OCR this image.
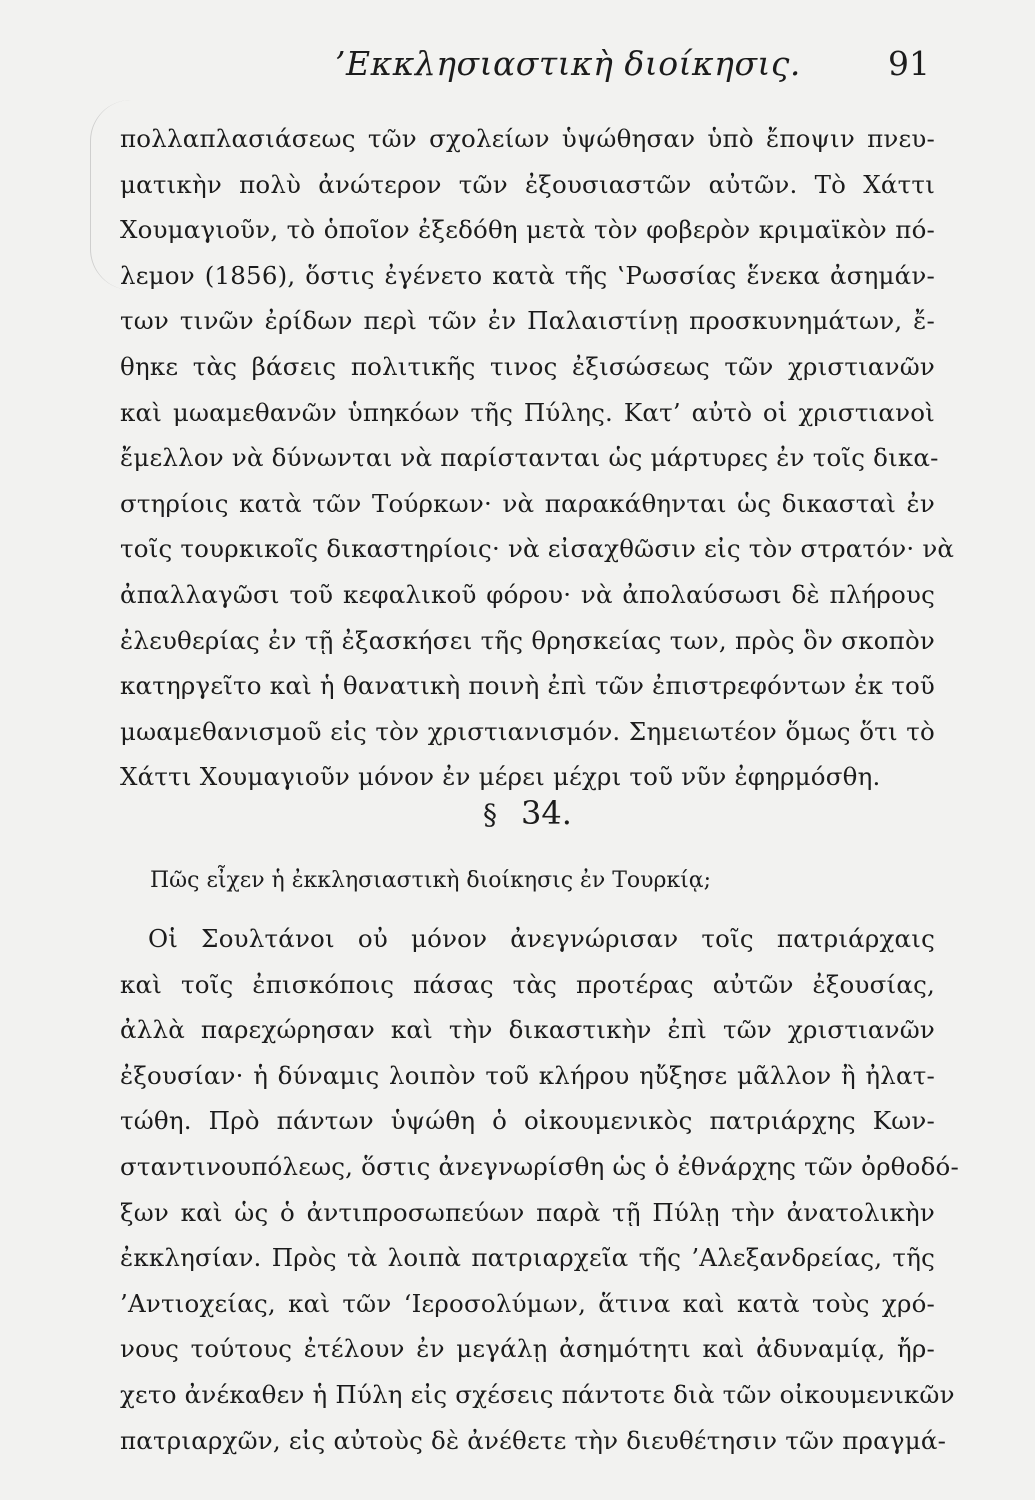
’Εκκλησιαστικὴ διοίκησις.	91
πολλαπλασιάσεως τῶν σχολείων ὑψώθησαν ὑπὸ ἔποψιν πνευ-
ματικὴν πολὺ ἀνώτερον τῶν ἐξουσιαστῶν αὐτῶν. Τὸ Χάττι
Χουμαγιοῦν, τὸ ὁποῖον ἐξεδόθη μετὰ τὸν φοβερὸν κριμαϊκὸν πό-
λεμον (1856), ὅστις ἐγένετο κατὰ τῆς ‛Ρωσσίας ἕνεκα ἀσημάν-
των τινῶν ἐρίδων περὶ τῶν ἐν Παλαιστίνῃ προσκυνημάτων, ἔ-
θηκε τὰς βάσεις πολιτικῆς τινος ἐξισώσεως τῶν χριστιανῶν
καὶ μωαμεθανῶν ὑπηκόων τῆς Πύλης. Κατ’ αὐτὸ οἱ χριστιανοὶ
ἔμελλον νὰ δύνωνται νὰ παρίστανται ὡς μάρτυρες ἐν τοῖς δικα-
στηρίοις κατὰ τῶν Τούρκων· νὰ παρακάθηνται ὡς δικασταὶ ἐν
τοῖς τουρκικοῖς δικαστηρίοις· νὰ εἰσαχθῶσιν εἰς τὸν στρατόν· νὰ
ἀπαλλαγῶσι τοῦ κεφαλικοῦ φόρου· νὰ ἀπολαύσωσι δὲ πλήρους
ἐλευθερίας ἐν τῇ ἐξασκήσει τῆς θρησκείας των, πρὸς ὃν σκοπὸν
κατηργεῖτο καὶ ἡ θανατικὴ ποινὴ ἐπὶ τῶν ἐπιστρεφόντων ἐκ τοῦ
μωαμεθανισμοῦ εἰς τὸν χριστιανισμόν. Σημειωτέον ὅμως ὅτι τὸ
Χάττι Χουμαγιοῦν μόνον ἐν μέρει μέχρι τοῦ νῦν ἐφηρμόσθη.
§ 34.
Πῶς εἶχεν ἡ ἐκκλησιαστικὴ διοίκησις ἐν Τουρκίᾳ;
Οἱ Σουλτάνοι οὐ μόνον ἀνεγνώρισαν τοῖς πατριάρχαις
καὶ τοῖς ἐπισκόποις πάσας τὰς προτέρας αὐτῶν ἐξουσίας,
ἀλλὰ παρεχώρησαν καὶ τὴν δικαστικὴν ἐπὶ τῶν χριστιανῶν
ἐξουσίαν· ἡ δύναμις λοιπὸν τοῦ κλήρου ηὔξησε μᾶλλον ἢ ἠλατ-
τώθη. Πρὸ πάντων ὑψώθη ὁ οἰκουμενικὸς πατριάρχης Κων-
σταντινουπόλεως, ὅστις ἀνεγνωρίσθη ὡς ὁ ἐθνάρχης τῶν ὀρθοδό-
ξων καὶ ὡς ὁ ἀντιπροσωπεύων παρὰ τῇ Πύλῃ τὴν ἀνατολικὴν
ἐκκλησίαν. Πρὸς τὰ λοιπὰ πατριαρχεῖα τῆς ’Αλεξανδρείας, τῆς
’Αντιοχείας, καὶ τῶν ‘Ιεροσολύμων, ἅτινα καὶ κατὰ τοὺς χρό-
νους τούτους ἐτέλουν ἐν μεγάλῃ ἀσημότητι καὶ ἀδυναμίᾳ, ἤρ-
χετο ἀνέκαθεν ἡ Πύλη εἰς σχέσεις πάντοτε διὰ τῶν οἰκουμενικῶν
πατριαρχῶν, εἰς αὐτοὺς δὲ ἀνέθετε τὴν διευθέτησιν τῶν πραγμά-
